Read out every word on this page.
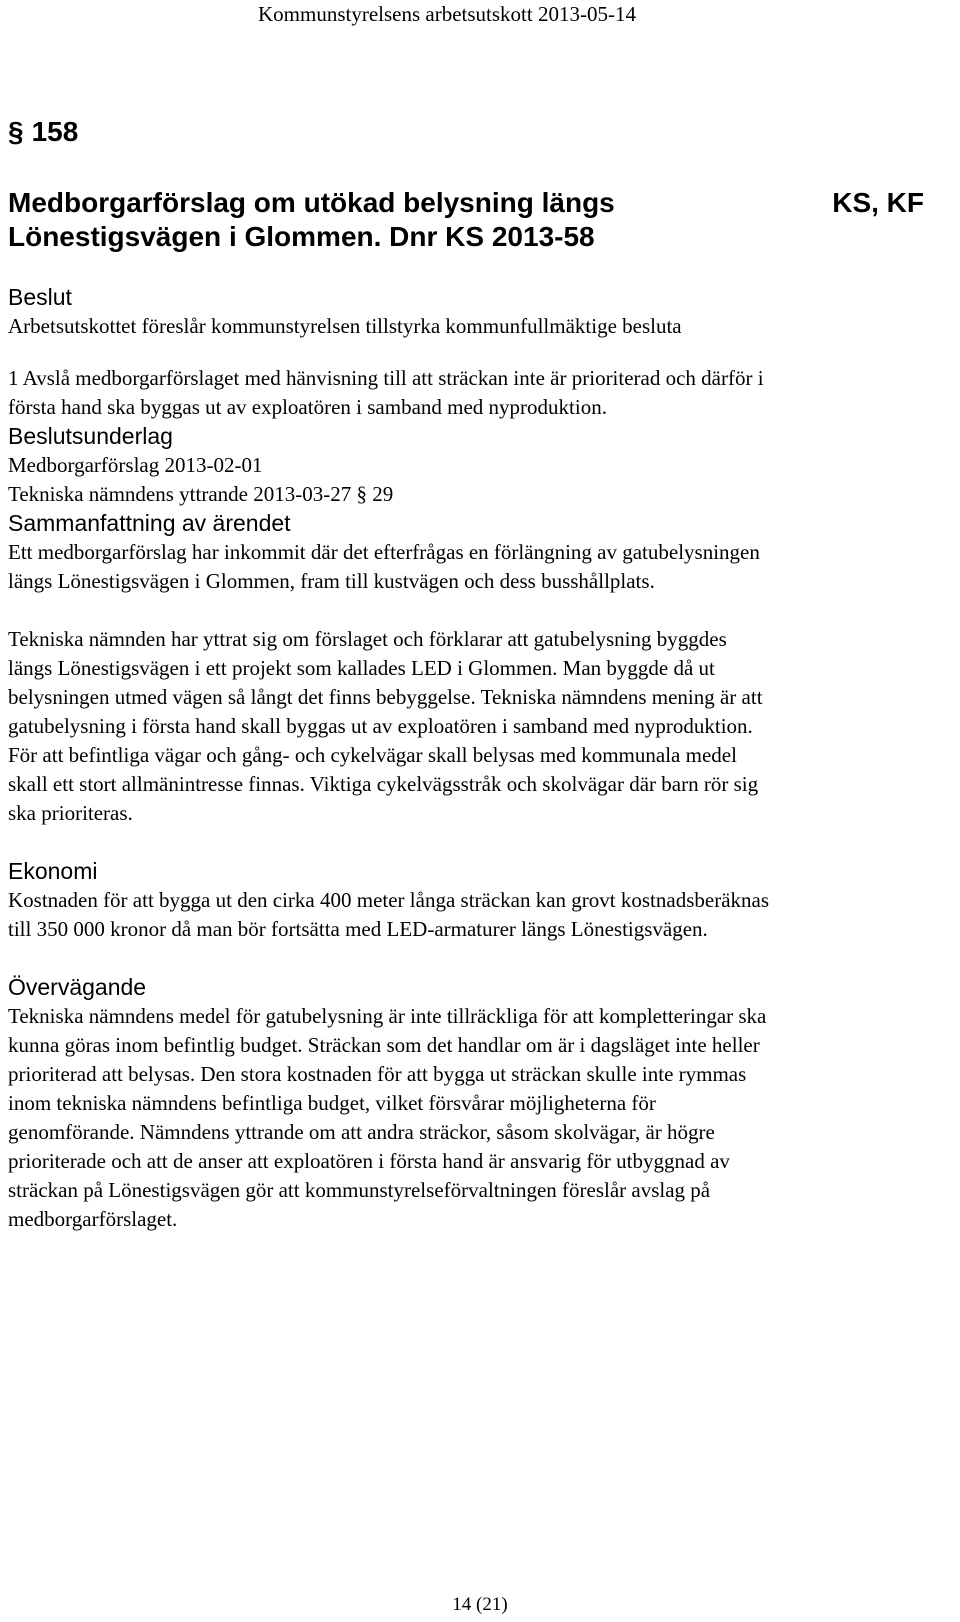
Kommunstyrelsens arbetsutskott 2013-05-14
§ 158
Medborgarförslag om utökad belysning längs
Lönestigsvägen i Glommen. Dnr KS 2013-58
KS, KF
Beslut

Arbetsutskottet föreslår kommunstyrelsen tillstyrka kommunfullmäktige besluta

1 Avslå medborgarförslaget med hänvisning till att sträckan inte är prioriterad och därför i
första hand ska byggas ut av exploatören i samband med nyproduktion.

Beslutsunderlag

Medborgarförslag 2013-02-01
Tekniska nämndens yttrande 2013-03-27 § 29

Sammanfattning av ärendet

Ett medborgarförslag har inkommit där det efterfrågas en förlängning av gatubelysningen
längs Lönestigsvägen i Glommen, fram till kustvägen och dess busshållplats.

Tekniska nämnden har yttrat sig om förslaget och förklarar att gatubelysning byggdes
längs Lönestigsvägen i ett projekt som kallades LED i Glommen. Man byggde då ut
belysningen utmed vägen så långt det finns bebyggelse. Tekniska nämndens mening är att
gatubelysning i första hand skall byggas ut av exploatören i samband med nyproduktion.
För att befintliga vägar och gång- och cykelvägar skall belysas med kommunala medel
skall ett stort allmänintresse finnas. Viktiga cykelvägsstråk och skolvägar där barn rör sig
ska prioriteras.

Ekonomi

Kostnaden för att bygga ut den cirka 400 meter långa sträckan kan grovt kostnadsberäknas
till 350 000 kronor då man bör fortsätta med LED-armaturer längs Lönestigsvägen.

Övervägande

Tekniska nämndens medel för gatubelysning är inte tillräckliga för att kompletteringar ska
kunna göras inom befintlig budget. Sträckan som det handlar om är i dagsläget inte heller
prioriterad att belysas. Den stora kostnaden för att bygga ut sträckan skulle inte rymmas
inom tekniska nämndens befintliga budget, vilket försvårar möjligheterna för
genomförande. Nämndens yttrande om att andra sträckor, såsom skolvägar, är högre
prioriterade och att de anser att exploatören i första hand är ansvarig för utbyggnad av
sträckan på Lönestigsvägen gör att kommunstyrelseförvaltningen föreslår avslag på
medborgarförslaget.

14 (21)
